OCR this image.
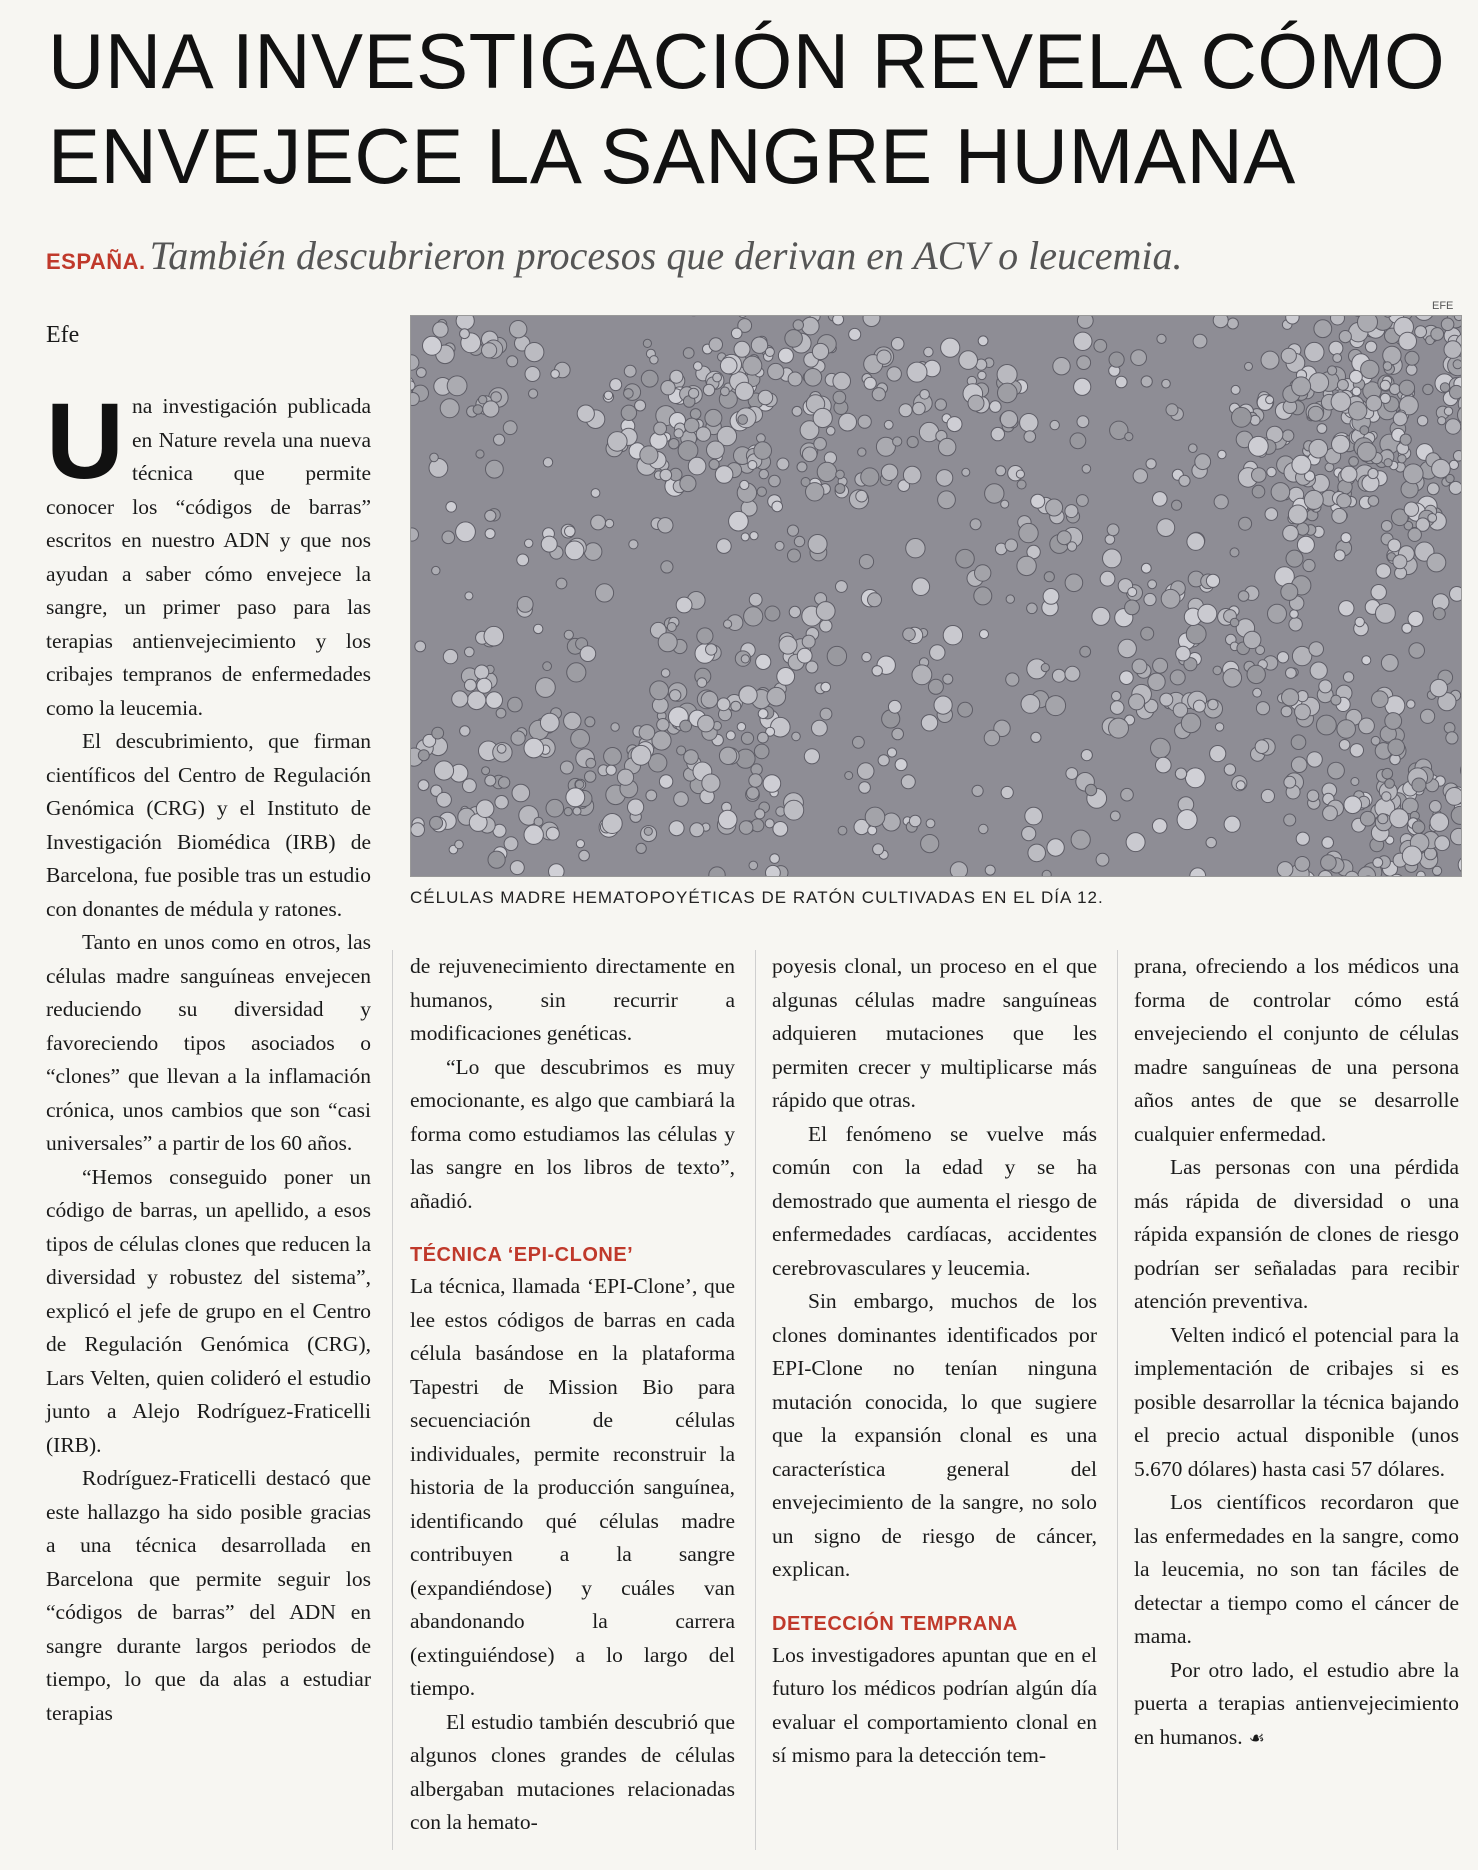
UNA INVESTIGACIÓN REVELA CÓMO
ENVEJECE LA SANGRE HUMANA
ESPAÑA. También descubrieron procesos que derivan en ACV o leucemia.
Efe
EFE
CÉLULAS MADRE HEMATOPOYÉTICAS DE RATÓN CULTIVADAS EN EL DÍA 12.

Una investigación publicada en Nature revela una nueva técnica que permite conocer los “códigos de barras” escritos en nuestro ADN y que nos ayudan a saber cómo envejece la sangre, un primer paso para las terapias antienvejecimiento y los cribajes tempranos de enfermedades como la leucemia.

El descubrimiento, que firman científicos del Centro de Regulación Genómica (CRG) y el Instituto de Investigación Biomédica (IRB) de Barcelona, fue posible tras un estudio con donantes de médula y ratones.

Tanto en unos como en otros, las células madre sanguíneas envejecen reduciendo su diversidad y favoreciendo tipos asociados o “clones” que llevan a la inflamación crónica, unos cambios que son “casi universales” a partir de los 60 años.

“Hemos conseguido poner un código de barras, un apellido, a esos tipos de células clones que reducen la diversidad y robustez del sistema”, explicó el jefe de grupo en el Centro de Regulación Genómica (CRG), Lars Velten, quien colideró el estudio junto a Alejo Rodríguez-Fraticelli (IRB).

Rodríguez-Fraticelli destacó que este hallazgo ha sido posible gracias a una técnica desarrollada en Barcelona que permite seguir los “códigos de barras” del ADN en sangre durante largos periodos de tiempo, lo que da alas a estudiar terapias

de rejuvenecimiento directamente en humanos, sin recurrir a modificaciones genéticas.

“Lo que descubrimos es muy emocionante, es algo que cambiará la forma como estudiamos las células y las sangre en los libros de texto”, añadió.

TÉCNICA ‘EPI-CLONE’

La técnica, llamada ‘EPI-Clone’, que lee estos códigos de barras en cada célula basándose en la plataforma Tapestri de Mission Bio para secuenciación de células individuales, permite reconstruir la historia de la producción sanguínea, identificando qué células madre contribuyen a la sangre (expandiéndose) y cuáles van abandonando la carrera (extinguiéndose) a lo largo del tiempo.

El estudio también descubrió que algunos clones grandes de células albergaban mutaciones relacionadas con la hemato-

poyesis clonal, un proceso en el que algunas células madre sanguíneas adquieren mutaciones que les permiten crecer y multiplicarse más rápido que otras.

El fenómeno se vuelve más común con la edad y se ha demostrado que aumenta el riesgo de enfermedades cardíacas, accidentes cerebrovasculares y leucemia.

Sin embargo, muchos de los clones dominantes identificados por EPI-Clone no tenían ninguna mutación conocida, lo que sugiere que la expansión clonal es una característica general del envejecimiento de la sangre, no solo un signo de riesgo de cáncer, explican.

DETECCIÓN TEMPRANA

Los investigadores apuntan que en el futuro los médicos podrían algún día evaluar el comportamiento clonal en sí mismo para la detección tem-

prana, ofreciendo a los médicos una forma de controlar cómo está envejeciendo el conjunto de células madre sanguíneas de una persona años antes de que se desarrolle cualquier enfermedad.

Las personas con una pérdida más rápida de diversidad o una rápida expansión de clones de riesgo podrían ser señaladas para recibir atención preventiva.

Velten indicó el potencial para la implementación de cribajes si es posible desarrollar la técnica bajando el precio actual disponible (unos 5.670 dólares) hasta casi 57 dólares.

Los científicos recordaron que las enfermedades en la sangre, como la leucemia, no son tan fáciles de detectar a tiempo como el cáncer de mama.

Por otro lado, el estudio abre la puerta a terapias antienvejecimiento en humanos. ☙
